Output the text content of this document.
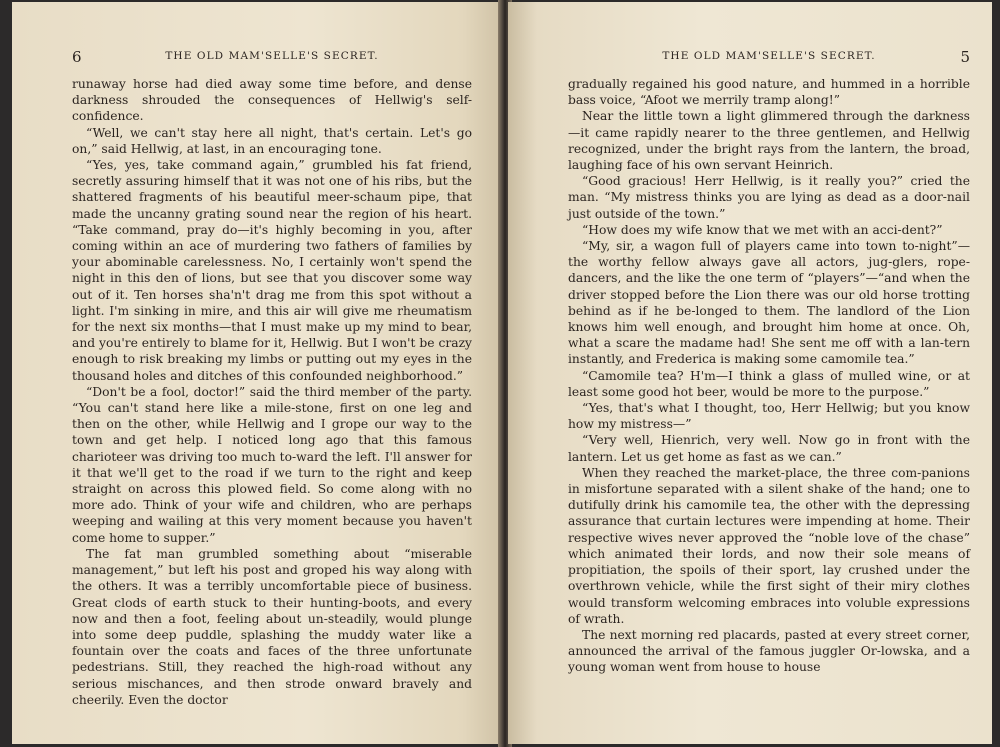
6	THE OLD MAM'SELLE'S SECRET.

runaway horse had died away some time before, and dense darkness shrouded the consequences of Hellwig's self-confidence.

“Well, we can't stay here all night, that's certain. Let's go on,” said Hellwig, at last, in an encouraging tone.

“Yes, yes, take command again,” grumbled his fat friend, secretly assuring himself that it was not one of his ribs, but the shattered fragments of his beautiful meer-schaum pipe, that made the uncanny grating sound near the region of his heart. “Take command, pray do—it's highly becoming in you, after coming within an ace of murdering two fathers of families by your abominable carelessness. No, I certainly won't spend the night in this den of lions, but see that you discover some way out of it. Ten horses sha'n't drag me from this spot without a light. I'm sinking in mire, and this air will give me rheumatism for the next six months—that I must make up my mind to bear, and you're entirely to blame for it, Hellwig. But I won't be crazy enough to risk breaking my limbs or putting out my eyes in the thousand holes and ditches of this confounded neighborhood.”

“Don't be a fool, doctor!” said the third member of the party. “You can't stand here like a mile-stone, first on one leg and then on the other, while Hellwig and I grope our way to the town and get help. I noticed long ago that this famous charioteer was driving too much to-ward the left. I'll answer for it that we'll get to the road if we turn to the right and keep straight on across this plowed field. So come along with no more ado. Think of your wife and children, who are perhaps weeping and wailing at this very moment because you haven't come home to supper.”

The fat man grumbled something about “miserable management,” but left his post and groped his way along with the others. It was a terribly uncomfortable piece of business. Great clods of earth stuck to their hunting-boots, and every now and then a foot, feeling about un-steadily, would plunge into some deep puddle, splashing the muddy water like a fountain over the coats and faces of the three unfortunate pedestrians. Still, they reached the high-road without any serious mischances, and then strode onward bravely and cheerily. Even the doctor

THE OLD MAM'SELLE'S SECRET.	5

gradually regained his good nature, and hummed in a horrible bass voice, “Afoot we merrily tramp along!”

Near the little town a light glimmered through the darkness—it came rapidly nearer to the three gentlemen, and Hellwig recognized, under the bright rays from the lantern, the broad, laughing face of his own servant Heinrich.

“Good gracious! Herr Hellwig, is it really you?” cried the man. “My mistress thinks you are lying as dead as a door-nail just outside of the town.”

“How does my wife know that we met with an acci-dent?”

“My, sir, a wagon full of players came into town to-night”—the worthy fellow always gave all actors, jug-glers, rope-dancers, and the like the one term of “players”—“and when the driver stopped before the Lion there was our old horse trotting behind as if he be-longed to them. The landlord of the Lion knows him well enough, and brought him home at once. Oh, what a scare the madame had! She sent me off with a lan-tern instantly, and Frederica is making some camomile tea.”

“Camomile tea? H'm—I think a glass of mulled wine, or at least some good hot beer, would be more to the purpose.”

“Yes, that's what I thought, too, Herr Hellwig; but you know how my mistress—”

“Very well, Hienrich, very well. Now go in front with the lantern. Let us get home as fast as we can.”

When they reached the market-place, the three com-panions in misfortune separated with a silent shake of the hand; one to dutifully drink his camomile tea, the other with the depressing assurance that curtain lectures were impending at home. Their respective wives never approved the “noble love of the chase” which animated their lords, and now their sole means of propitiation, the spoils of their sport, lay crushed under the overthrown vehicle, while the first sight of their miry clothes would transform welcoming embraces into voluble expressions of wrath.

The next morning red placards, pasted at every street corner, announced the arrival of the famous juggler Or-lowska, and a young woman went from house to house
